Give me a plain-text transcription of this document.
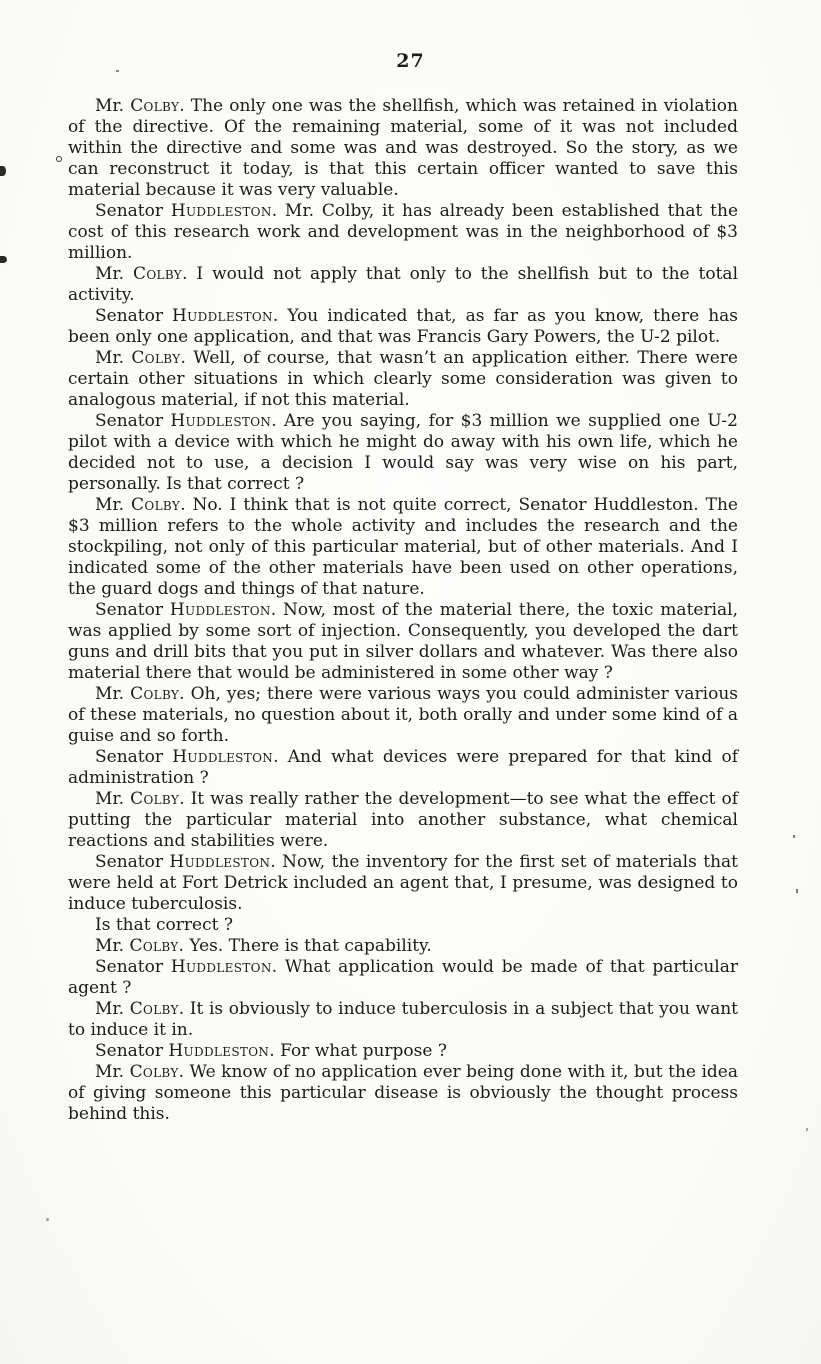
27

Mr. Colby. The only one was the shellfish, which was retained in violation of the directive. Of the remaining material, some of it was not included within the directive and some was and was destroyed. So the story, as we can reconstruct it today, is that this certain officer wanted to save this material because it was very valuable.

Senator Huddleston. Mr. Colby, it has already been established that the cost of this research work and development was in the neighborhood of $3 million.

Mr. Colby. I would not apply that only to the shellfish but to the total activity.

Senator Huddleston. You indicated that, as far as you know, there has been only one application, and that was Francis Gary Powers, the U-2 pilot.

Mr. Colby. Well, of course, that wasn’t an application either. There were certain other situations in which clearly some consideration was given to analogous material, if not this material.

Senator Huddleston. Are you saying, for $3 million we supplied one U-2 pilot with a device with which he might do away with his own life, which he decided not to use, a decision I would say was very wise on his part, personally. Is that correct ?

Mr. Colby. No. I think that is not quite correct, Senator Huddleston. The $3 million refers to the whole activity and includes the research and the stockpiling, not only of this particular material, but of other materials. And I indicated some of the other materials have been used on other operations, the guard dogs and things of that nature.

Senator Huddleston. Now, most of the material there, the toxic material, was applied by some sort of injection. Consequently, you developed the dart guns and drill bits that you put in silver dollars and whatever. Was there also material there that would be administered in some other way ?

Mr. Colby. Oh, yes; there were various ways you could administer various of these materials, no question about it, both orally and under some kind of a guise and so forth.

Senator Huddleston. And what devices were prepared for that kind of administration ?

Mr. Colby. It was really rather the development—to see what the effect of putting the particular material into another substance, what chemical reactions and stabilities were.

Senator Huddleston. Now, the inventory for the first set of materials that were held at Fort Detrick included an agent that, I presume, was designed to induce tuberculosis.

Is that correct ?

Mr. Colby. Yes. There is that capability.

Senator Huddleston. What application would be made of that particular agent ?

Mr. Colby. It is obviously to induce tuberculosis in a subject that you want to induce it in.

Senator Huddleston. For what purpose ?

Mr. Colby. We know of no application ever being done with it, but the idea of giving someone this particular disease is obviously the thought process behind this.
